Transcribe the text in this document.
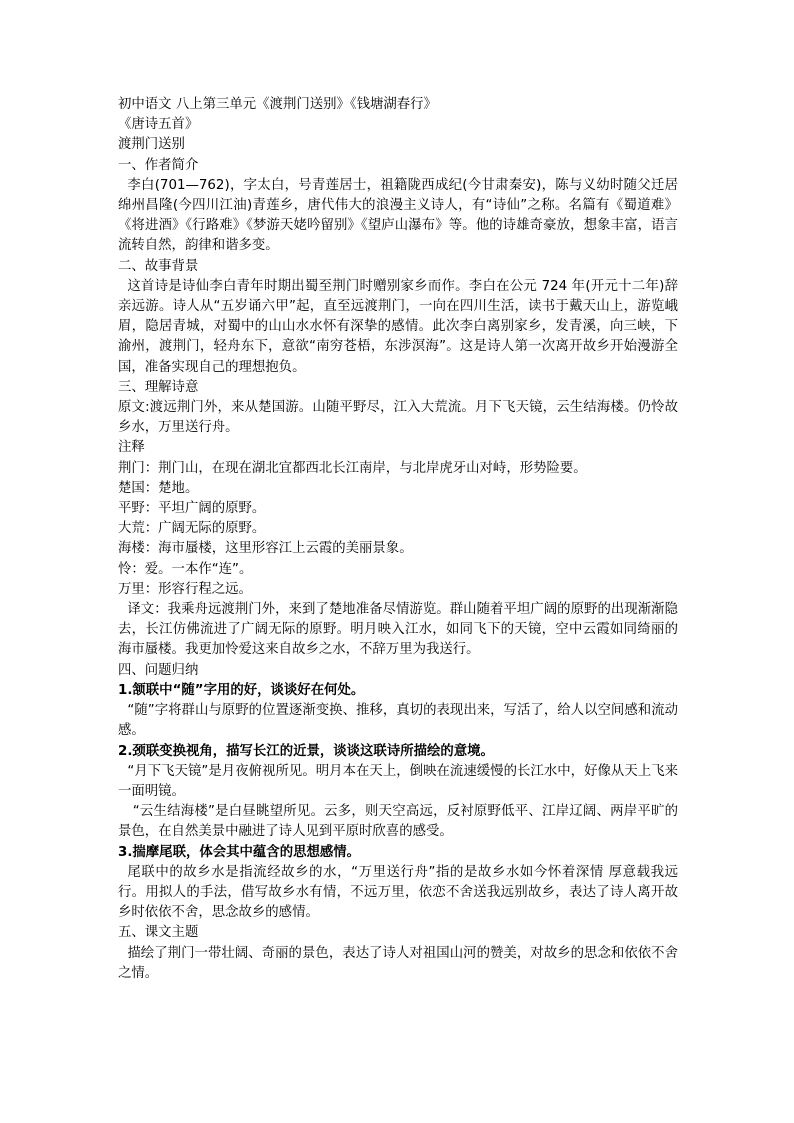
初中语文 八上第三单元《渡荆门送别》《钱塘湖春行》

《唐诗五首》

渡荆门送别

一、作者简介

李白(701—762)，字太白，号青莲居士，祖籍陇西成纪(今甘肃秦安)，陈与义幼时随父迁居绵州昌隆(今四川江油)青莲乡，唐代伟大的浪漫主义诗人，有“诗仙”之称。名篇有《蜀道难》《将进酒》《行路难》《梦游天姥吟留别》《望庐山瀑布》等。他的诗雄奇豪放，想象丰富，语言流转自然，韵律和谐多变。

二、故事背景

这首诗是诗仙李白青年时期出蜀至荆门时赠别家乡而作。李白在公元 724 年(开元十二年)辞亲远游。诗人从“五岁诵六甲”起，直至远渡荆门，一向在四川生活，读书于戴天山上，游览峨眉，隐居青城，对蜀中的山山水水怀有深挚的感情。此次李白离别家乡，发青溪，向三峡，下渝州，渡荆门，轻舟东下，意欲“南穷苍梧，东涉溟海”。这是诗人第一次离开故乡开始漫游全国，准备实现自己的理想抱负。

三、理解诗意

原文:渡远荆门外，来从楚国游。山随平野尽，江入大荒流。月下飞天镜，云生结海楼。仍怜故乡水，万里送行舟。

注释

荆门：荆门山，在现在湖北宜都西北长江南岸，与北岸虎牙山对峙，形势险要。

楚国：楚地。

平野：平坦广阔的原野。

大荒：广阔无际的原野。

海楼：海市蜃楼，这里形容江上云霞的美丽景象。

怜：爱。一本作“连”。

万里：形容行程之远。

译文：我乘舟远渡荆门外，来到了楚地准备尽情游览。群山随着平坦广阔的原野的出现渐渐隐去，长江仿佛流进了广阔无际的原野。明月映入江水，如同飞下的天镜，空中云霞如同绮丽的海市蜃楼。我更加怜爱这来自故乡之水，不辞万里为我送行。

四、问题归纳

1.颔联中“随”字用的好，谈谈好在何处。

“随”字将群山与原野的位置逐渐变换、推移，真切的表现出来，写活了，给人以空间感和流动感。

2.颈联变换视角，描写长江的近景，谈谈这联诗所描绘的意境。

“月下飞天镜”是月夜俯视所见。明月本在天上，倒映在流速缓慢的长江水中，好像从天上飞来一面明镜。

“云生结海楼”是白昼眺望所见。云多，则天空高远，反衬原野低平、江岸辽阔、两岸平旷的景色，在自然美景中融进了诗人见到平原时欣喜的感受。

3.揣摩尾联，体会其中蕴含的思想感情。

尾联中的故乡水是指流经故乡的水，“万里送行舟”指的是故乡水如今怀着深情 厚意载我远行。用拟人的手法，借写故乡水有情，不远万里，依恋不舍送我远别故乡，表达了诗人离开故乡时依依不舍，思念故乡的感情。

五、课文主题

描绘了荆门一带壮阔、奇丽的景色，表达了诗人对祖国山河的赞美，对故乡的思念和依依不舍之情。
